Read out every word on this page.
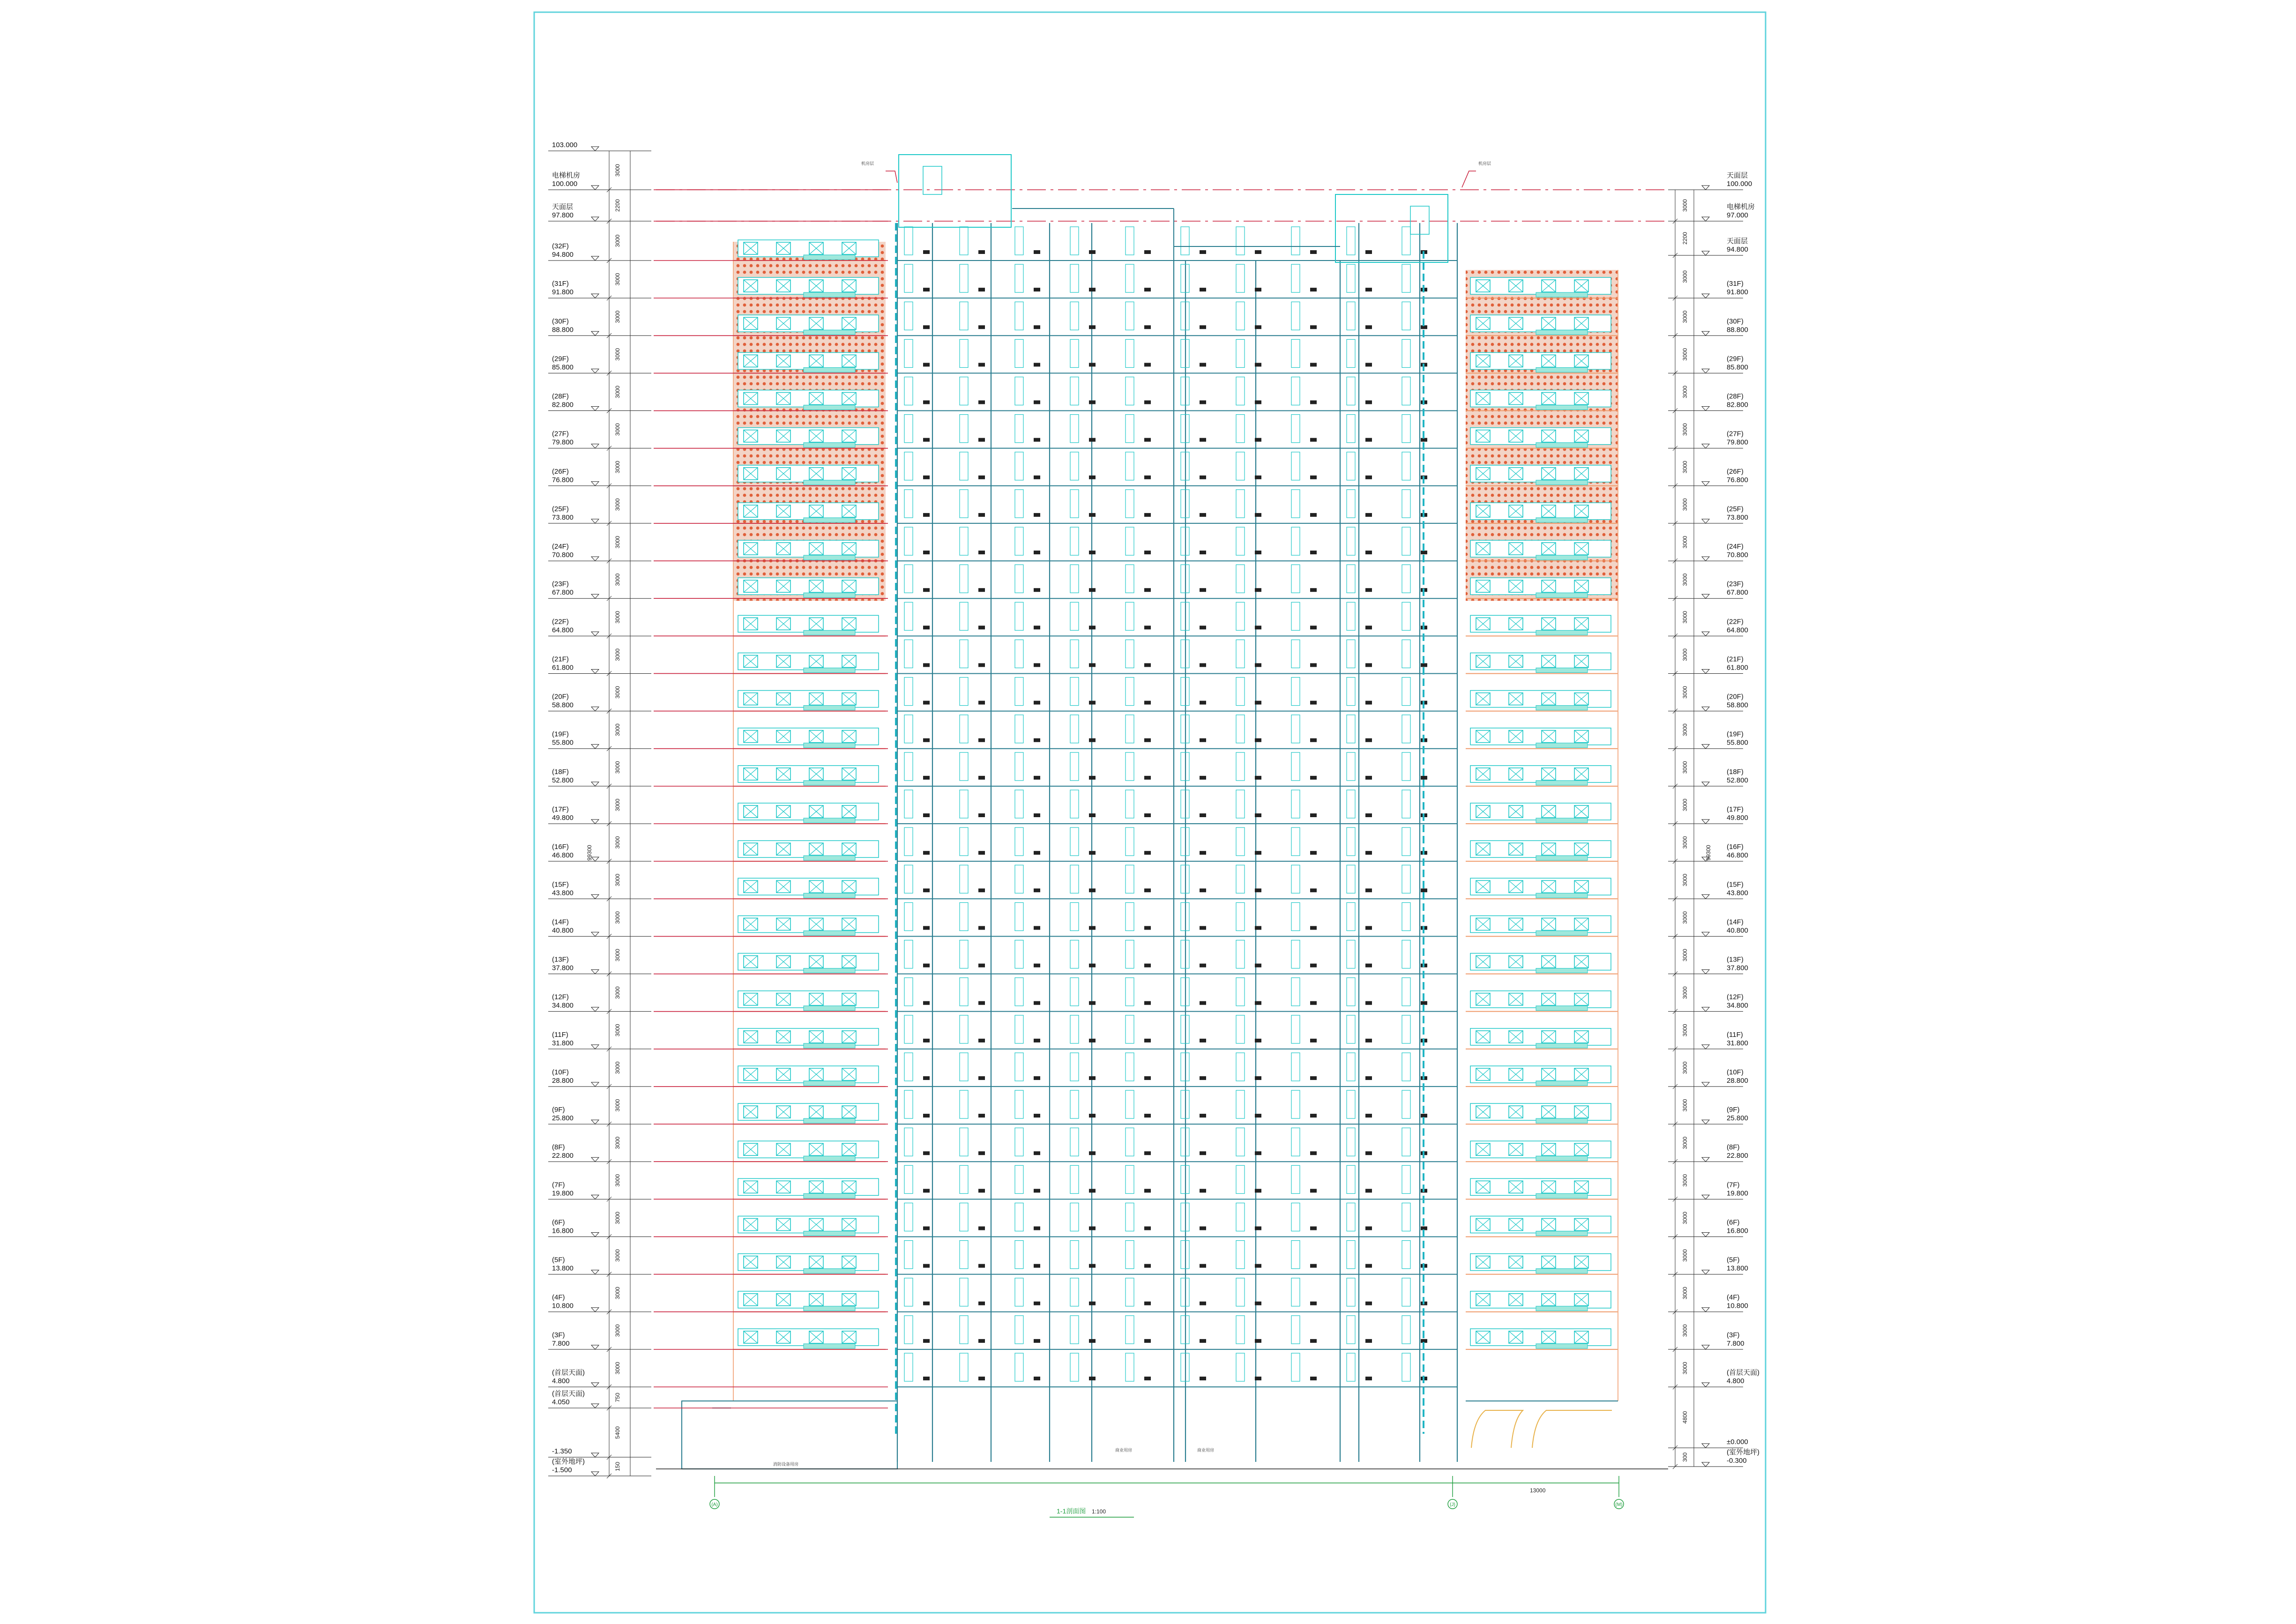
103.000
电梯机房
100.000
天面层
97.800
(32F)
94.800
(31F)
91.800
(30F)
88.800
(29F)
85.800
(28F)
82.800
(27F)
79.800
(26F)
76.800
(25F)
73.800
(24F)
70.800
(23F)
67.800
(22F)
64.800
(21F)
61.800
(20F)
58.800
(19F)
55.800
(18F)
52.800
(17F)
49.800
(16F)
46.800
(15F)
43.800
(14F)
40.800
(13F)
37.800
(12F)
34.800
(11F)
31.800
(10F)
28.800
(9F)
25.800
(8F)
22.800
(7F)
19.800
(6F)
16.800
(5F)
13.800
(4F)
10.800
(3F)
7.800
(首层天面)
4.800
(首层天面)
4.050
-1.350
(室外地坪)
-1.500
3000
2200
3000
3000
3000
3000
3000
3000
3000
3000
3000
3000
3000
3000
3000
3000
3000
3000
3000
3000
3000
3000
3000
3000
3000
3000
3000
3000
3000
3000
3000
3000
3000
750
5400
150
99300
天面层
100.000
电梯机房
97.000
天面层
94.800
(31F)
91.800
(30F)
88.800
(29F)
85.800
(28F)
82.800
(27F)
79.800
(26F)
76.800
(25F)
73.800
(24F)
70.800
(23F)
67.800
(22F)
64.800
(21F)
61.800
(20F)
58.800
(19F)
55.800
(18F)
52.800
(17F)
49.800
(16F)
46.800
(15F)
43.800
(14F)
40.800
(13F)
37.800
(12F)
34.800
(11F)
31.800
(10F)
28.800
(9F)
25.800
(8F)
22.800
(7F)
19.800
(6F)
16.800
(5F)
13.800
(4F)
10.800
(3F)
7.800
(首层天面)
4.800
±0.000
(室外地坪)
-0.300
3000
2200
3000
3000
3000
3000
3000
3000
3000
3000
3000
3000
3000
3000
3000
3000
3000
3000
3000
3000
3000
3000
3000
3000
3000
3000
3000
3000
3000
3000
3000
3000
4800
300
99300
(A)	(J)	(M)
1-1剖面图 1:100
13000
机房层	机房层
消防设备用房
商业用房	商业用房
